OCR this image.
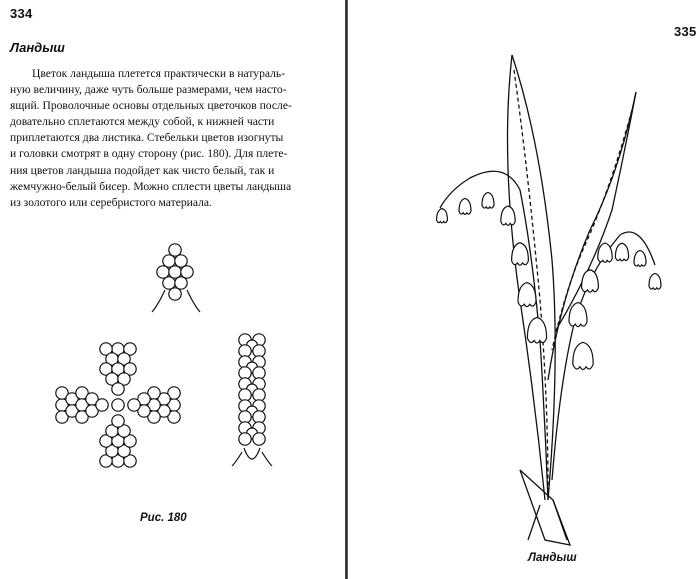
334
Ландыш
Цветок ландыша плетется практически в натураль-
ную величину, даже чуть больше размерами, чем насто-
ящий. Проволочные основы отдельных цветочков после-
довательно сплетаются между собой, к нижней части
приплетаются два листика. Стебельки цветов изогнуты
и головки смотрят в одну сторону (рис. 180). Для плете-
ния цветов ландыша подойдет как чисто белый, так и
жемчужно-белый бисер. Можно сплести цветы ландыша
из золотого или серебристого материала.
Рис. 180
335
Ландыш
